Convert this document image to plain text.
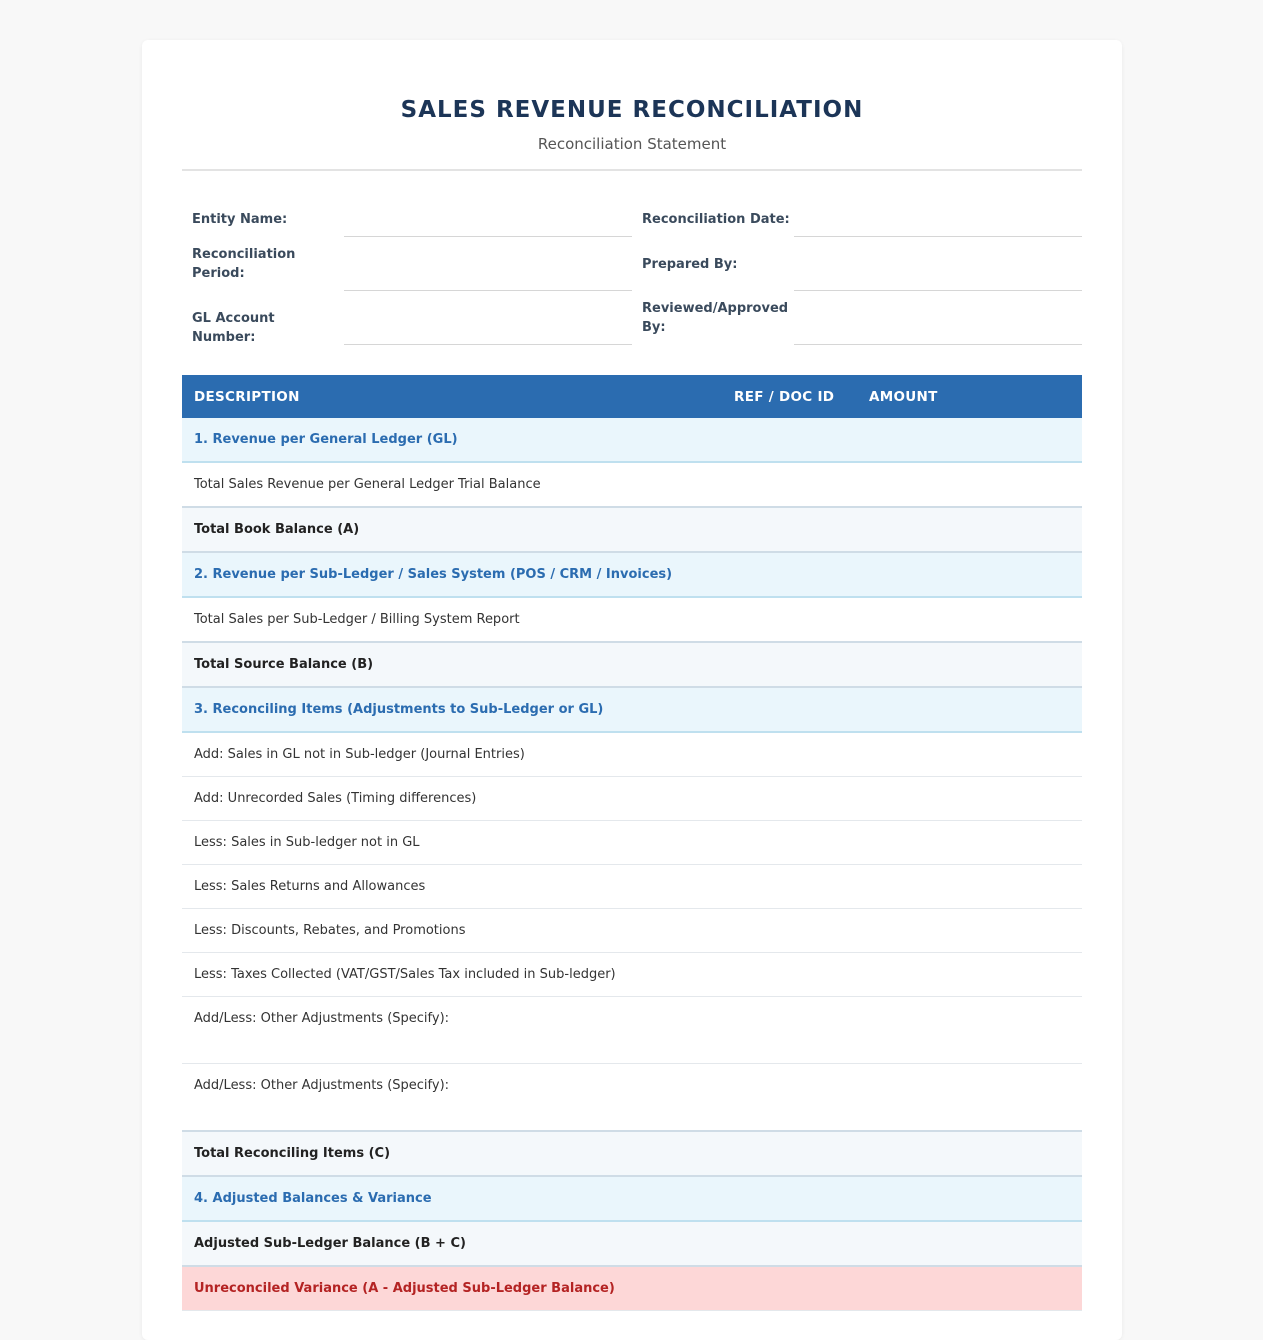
SALES REVENUE RECONCILIATION
Reconciliation Statement
Entity Name:
Reconciliation Period:
GL Account Number:
Reconciliation Date:
Prepared By:
Reviewed/Approved By:
DESCRIPTION	REF / DOC ID	AMOUNT
1. Revenue per General Ledger (GL)		
Total Sales Revenue per General Ledger Trial Balance		
Total Book Balance (A)		
2. Revenue per Sub-Ledger / Sales System (POS / CRM / Invoices)		
Total Sales per Sub-Ledger / Billing System Report		
Total Source Balance (B)		
3. Reconciling Items (Adjustments to Sub-Ledger or GL)		
Add: Sales in GL not in Sub-ledger (Journal Entries)		
Add: Unrecorded Sales (Timing differences)		
Less: Sales in Sub-ledger not in GL		
Less: Sales Returns and Allowances		
Less: Discounts, Rebates, and Promotions		
Less: Taxes Collected (VAT/GST/Sales Tax included in Sub-ledger)		
Add/Less: Other Adjustments (Specify):		
Add/Less: Other Adjustments (Specify):		
Total Reconciling Items (C)		
4. Adjusted Balances & Variance		
Adjusted Sub-Ledger Balance (B + C)		
Unreconciled Variance (A - Adjusted Sub-Ledger Balance)		
